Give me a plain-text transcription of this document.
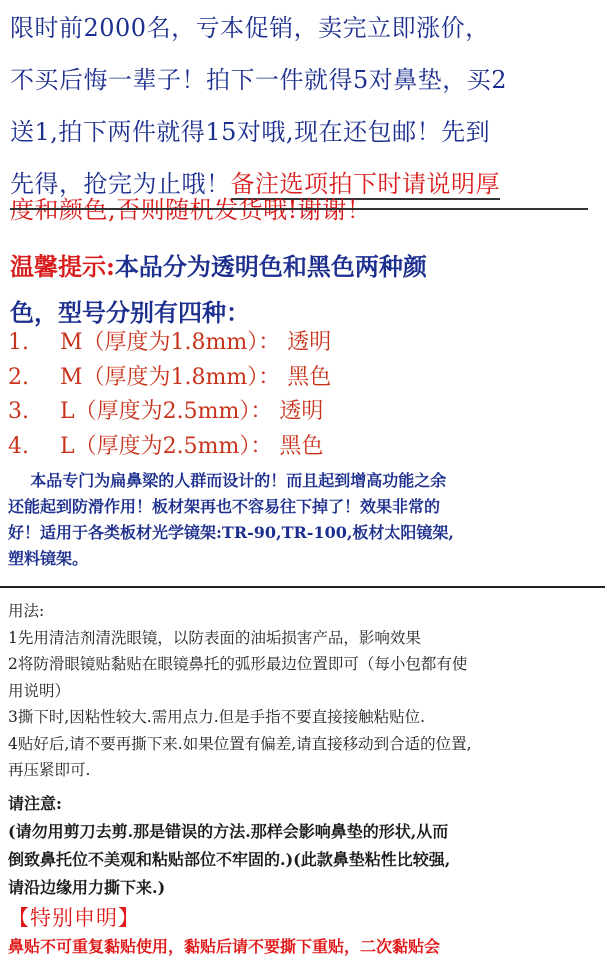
限时前2000名，亏本促销，卖完立即涨价，

不买后悔一辈子！拍下一件就得5对鼻垫，买2

送1,拍下两件就得15对哦,现在还包邮！先到

先得，抢完为止哦！备注选项拍下时请说明厚

度和颜色,否则随机发货哦!谢谢！

温馨提示:本品分为透明色和黑色两种颜
色，型号分别有四种：
1. M（厚度为1.8mm）： 透明
2. M（厚度为1.8mm）： 黑色
3. L（厚度为2.5mm）： 透明
4. L（厚度为2.5mm）： 黑色

本品专门为扁鼻梁的人群而设计的！而且起到增高功能之余

还能起到防滑作用！板材架再也不容易往下掉了！效果非常的

好！适用于各类板材光学镜架:TR-90,TR-100,板材太阳镜架,

塑料镜架。

用法:

1先用清洁剂清洗眼镜，以防表面的油垢损害产品，影响效果

2将防滑眼镜贴黏贴在眼镜鼻托的弧形最边位置即可（每小包都有使

用说明）

3撕下时,因粘性较大.需用点力.但是手指不要直接接触粘贴位.

4贴好后,请不要再撕下来.如果位置有偏差,请直接移动到合适的位置,

再压紧即可.

请注意:

(请勿用剪刀去剪.那是错误的方法.那样会影响鼻垫的形状,从而

倒致鼻托位不美观和粘贴部位不牢固的.)(此款鼻垫粘性比较强,

请沿边缘用力撕下来.)

【特别申明】
鼻贴不可重复黏贴使用，黏贴后请不要撕下重贴，二次黏贴会
